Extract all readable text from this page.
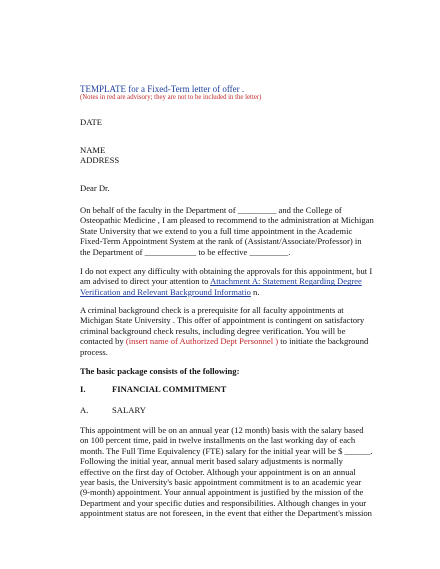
TEMPLATE for a Fixed-Term letter of offer .
(Notes in red are advisory; they are not to be included in the letter)
DATE
NAME
ADDRESS
Dear Dr.
On behalf of the faculty in the Department of _________ and the College of
Osteopathic Medicine , I am pleased to recommend to the administration at Michigan
State University that we extend to you a full time appointment in the Academic
Fixed-Term Appointment System at the rank of (Assistant/Associate/Professor) in
the Department of ____________ to be effective _________.
I do not expect any difficulty with obtaining the approvals for this appointment, but I
am advised to direct your attention to Attachment A: Statement Regarding Degree
Verification and Relevant Background Informatio n.
A criminal background check is a prerequisite for all faculty appointments at
Michigan State University . This offer of appointment is contingent on satisfactory
criminal background check results, including degree verification. You will be
contacted by (insert name of Authorized Dept Personnel ) to initiate the background
process.
The basic package consists of the following:
I.	FINANCIAL COMMITMENT
A.	SALARY
This appointment will be on an annual year (12 month) basis with the salary based
on 100 percent time, paid in twelve installments on the last working day of each
month. The Full Time Equivalency (FTE) salary for the initial year will be $ ______.
Following the initial year, annual merit based salary adjustments is normally
effective on the first day of October. Although your appointment is on an annual
year basis, the University's basic appointment commitment is to an academic year
(9-month) appointment. Your annual appointment is justified by the mission of the
Department and your specific duties and responsibilities. Although changes in your
appointment status are not foreseen, in the event that either the Department's mission
